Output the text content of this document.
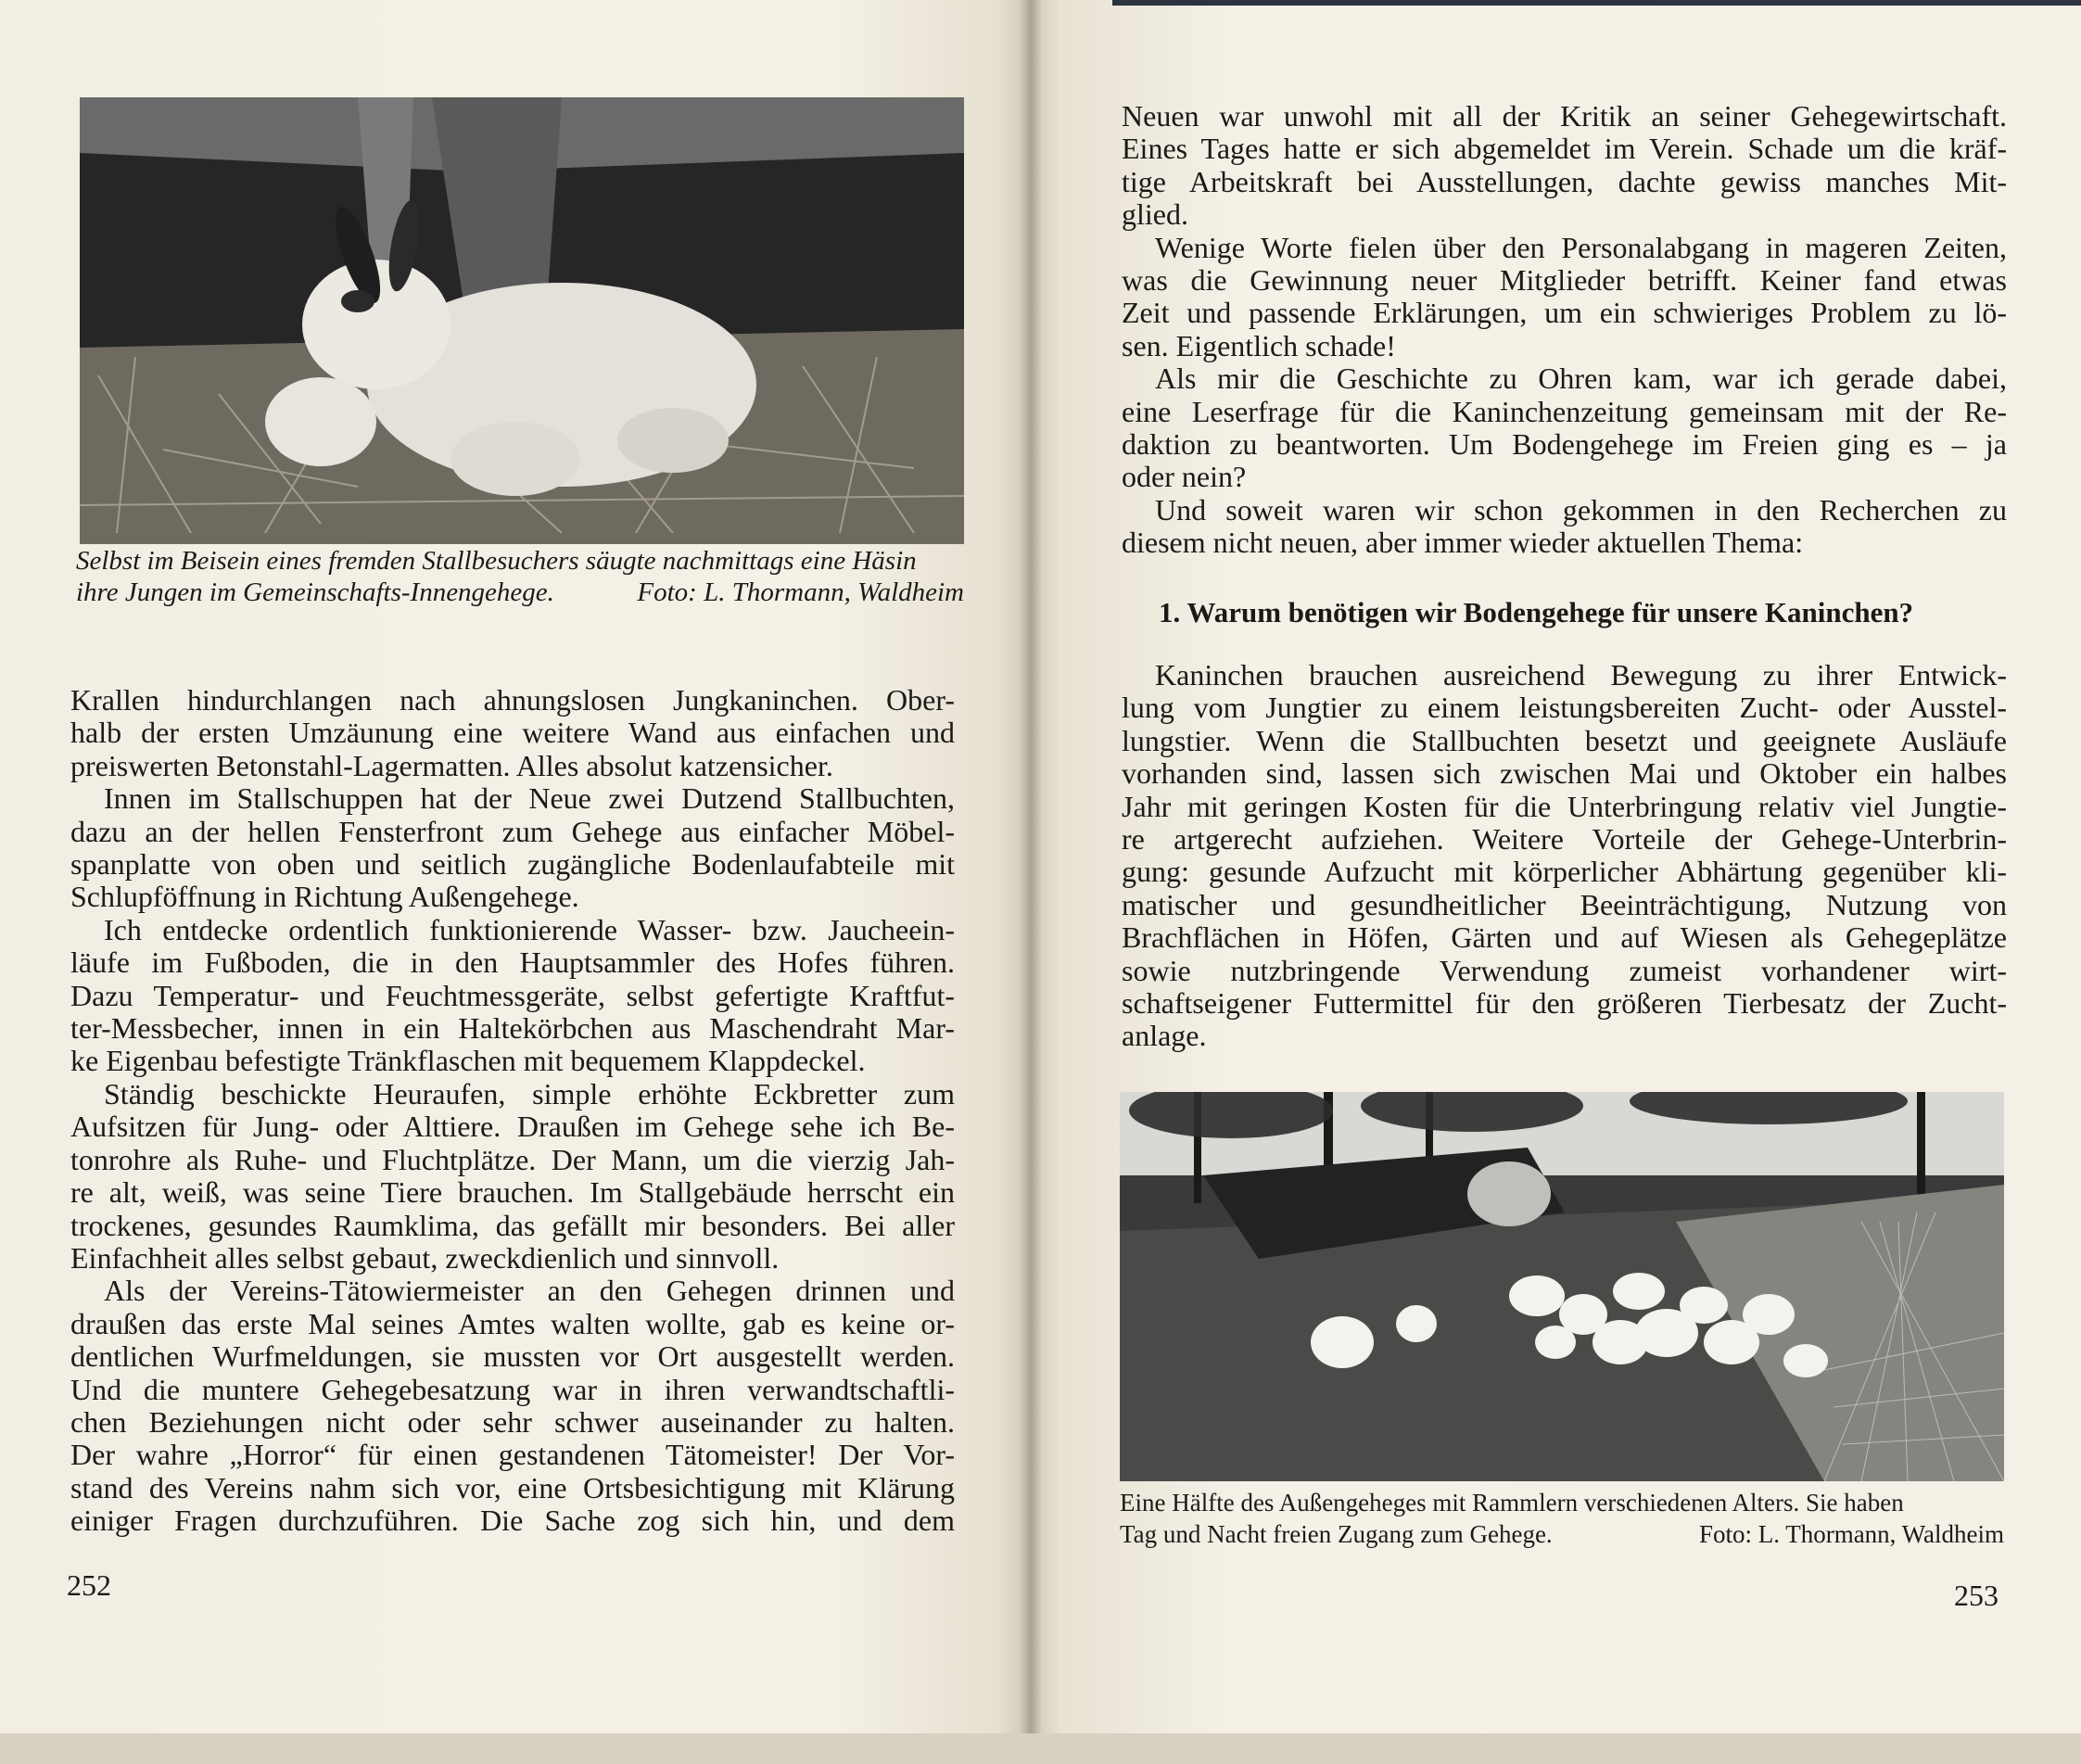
Selbst im Beisein eines fremden Stallbesuchers säugte nachmittags eine Häsin
ihre Jungen im Gemeinschafts-Innengehege.	Foto: L. Thormann, Waldheim

Krallen hindurchlangen nach ahnungslosen Jungkaninchen. Ober-

halb der ersten Umzäunung eine weitere Wand aus einfachen und

preiswerten Betonstahl-Lagermatten. Alles absolut katzensicher.

Innen im Stallschuppen hat der Neue zwei Dutzend Stallbuchten,

dazu an der hellen Fensterfront zum Gehege aus einfacher Möbel-

spanplatte von oben und seitlich zugängliche Bodenlaufabteile mit

Schlupföffnung in Richtung Außengehege.

Ich entdecke ordentlich funktionierende Wasser- bzw. Jaucheein-

läufe im Fußboden, die in den Hauptsammler des Hofes führen.

Dazu Temperatur- und Feuchtmessgeräte, selbst gefertigte Kraftfut-

ter-Messbecher, innen in ein Haltekörbchen aus Maschendraht Mar-

ke Eigenbau befestigte Tränkflaschen mit bequemem Klappdeckel.

Ständig beschickte Heuraufen, simple erhöhte Eckbretter zum

Aufsitzen für Jung- oder Alttiere. Draußen im Gehege sehe ich Be-

tonrohre als Ruhe- und Fluchtplätze. Der Mann, um die vierzig Jah-

re alt, weiß, was seine Tiere brauchen. Im Stallgebäude herrscht ein

trockenes, gesundes Raumklima, das gefällt mir besonders. Bei aller

Einfachheit alles selbst gebaut, zweckdienlich und sinnvoll.

Als der Vereins-Tätowiermeister an den Gehegen drinnen und

draußen das erste Mal seines Amtes walten wollte, gab es keine or-

dentlichen Wurfmeldungen, sie mussten vor Ort ausgestellt werden.

Und die muntere Gehegebesatzung war in ihren verwandtschaftli-

chen Beziehungen nicht oder sehr schwer auseinander zu halten.

Der wahre „Horror“ für einen gestandenen Tätomeister! Der Vor-

stand des Vereins nahm sich vor, eine Ortsbesichtigung mit Klärung

einiger Fragen durchzuführen. Die Sache zog sich hin, und dem

252

Neuen war unwohl mit all der Kritik an seiner Gehegewirtschaft.

Eines Tages hatte er sich abgemeldet im Verein. Schade um die kräf-

tige Arbeitskraft bei Ausstellungen, dachte gewiss manches Mit-

glied.

Wenige Worte fielen über den Personalabgang in mageren Zeiten,

was die Gewinnung neuer Mitglieder betrifft. Keiner fand etwas

Zeit und passende Erklärungen, um ein schwieriges Problem zu lö-

sen. Eigentlich schade!

Als mir die Geschichte zu Ohren kam, war ich gerade dabei,

eine Leserfrage für die Kaninchenzeitung gemeinsam mit der Re-

daktion zu beantworten. Um Bodengehege im Freien ging es – ja

oder nein?

Und soweit waren wir schon gekommen in den Recherchen zu

diesem nicht neuen, aber immer wieder aktuellen Thema:

1. Warum benötigen wir Bodengehege für unsere Kaninchen?

Kaninchen brauchen ausreichend Bewegung zu ihrer Entwick-

lung vom Jungtier zu einem leistungsbereiten Zucht- oder Ausstel-

lungstier. Wenn die Stallbuchten besetzt und geeignete Ausläufe

vorhanden sind, lassen sich zwischen Mai und Oktober ein halbes

Jahr mit geringen Kosten für die Unterbringung relativ viel Jungtie-

re artgerecht aufziehen. Weitere Vorteile der Gehege-Unterbrin-

gung: gesunde Aufzucht mit körperlicher Abhärtung gegenüber kli-

matischer und gesundheitlicher Beeinträchtigung, Nutzung von

Brachflächen in Höfen, Gärten und auf Wiesen als Gehegeplätze

sowie nutzbringende Verwendung zumeist vorhandener wirt-

schaftseigener Futtermittel für den größeren Tierbesatz der Zucht-

anlage.

Eine Hälfte des Außengeheges mit Rammlern verschiedenen Alters. Sie haben
Tag und Nacht freien Zugang zum Gehege.	Foto: L. Thormann, Waldheim
253
